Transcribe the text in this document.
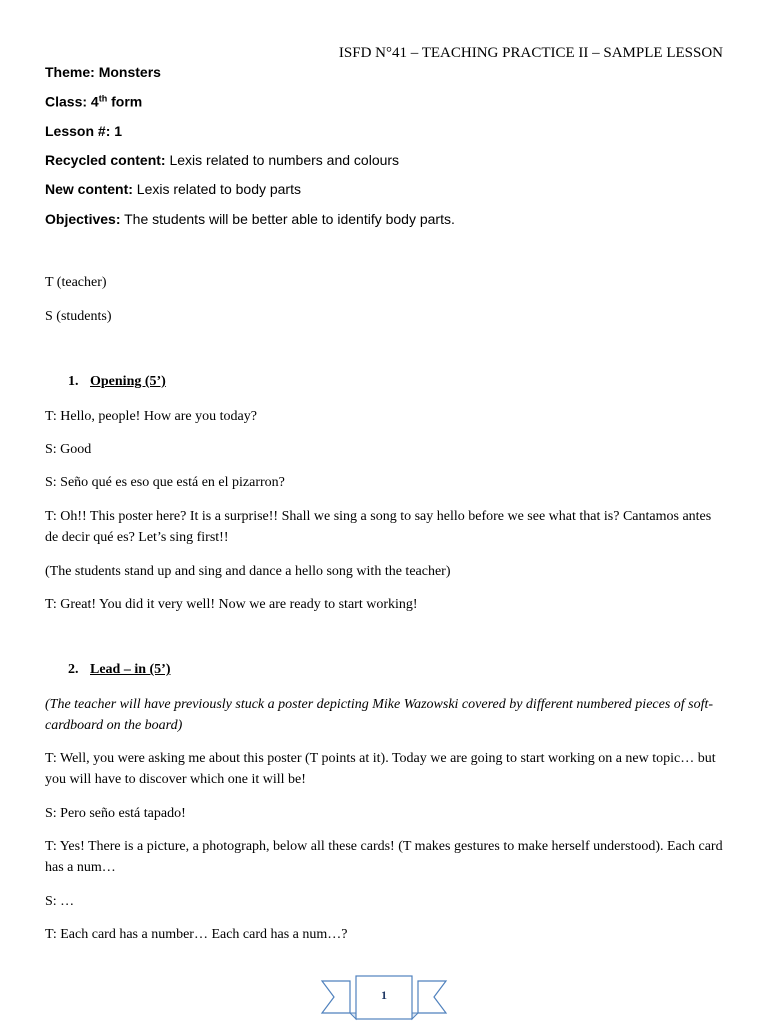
ISFD N°41 – TEACHING PRACTICE II – SAMPLE LESSON
Theme: Monsters
Class: 4th form
Lesson #: 1
Recycled content: Lexis related to numbers and colours
New content: Lexis related to body parts
Objectives: The students will be better able to identify body parts.
T (teacher)
S (students)
1. Opening (5’)
T: Hello, people! How are you today?
S: Good
S: Seño qué es eso que está en el pizarron?
T: Oh!! This poster here? It is a surprise!! Shall we sing a song to say hello before we see what that is? Cantamos antes de decir qué es? Let’s sing first!!
(The students stand up and sing and dance a hello song with the teacher)
T: Great! You did it very well! Now we are ready to start working!
2. Lead – in (5’)
(The teacher will have previously stuck a poster depicting Mike Wazowski covered by different numbered pieces of soft-cardboard on the board)
T: Well, you were asking me about this poster (T points at it). Today we are going to start working on a new topic… but you will have to discover which one it will be!
S: Pero seño está tapado!
T: Yes! There is a picture, a photograph, below all these cards! (T makes gestures to make herself understood). Each card has a num…
S: …
T: Each card has a number… Each card has a num…?
1
